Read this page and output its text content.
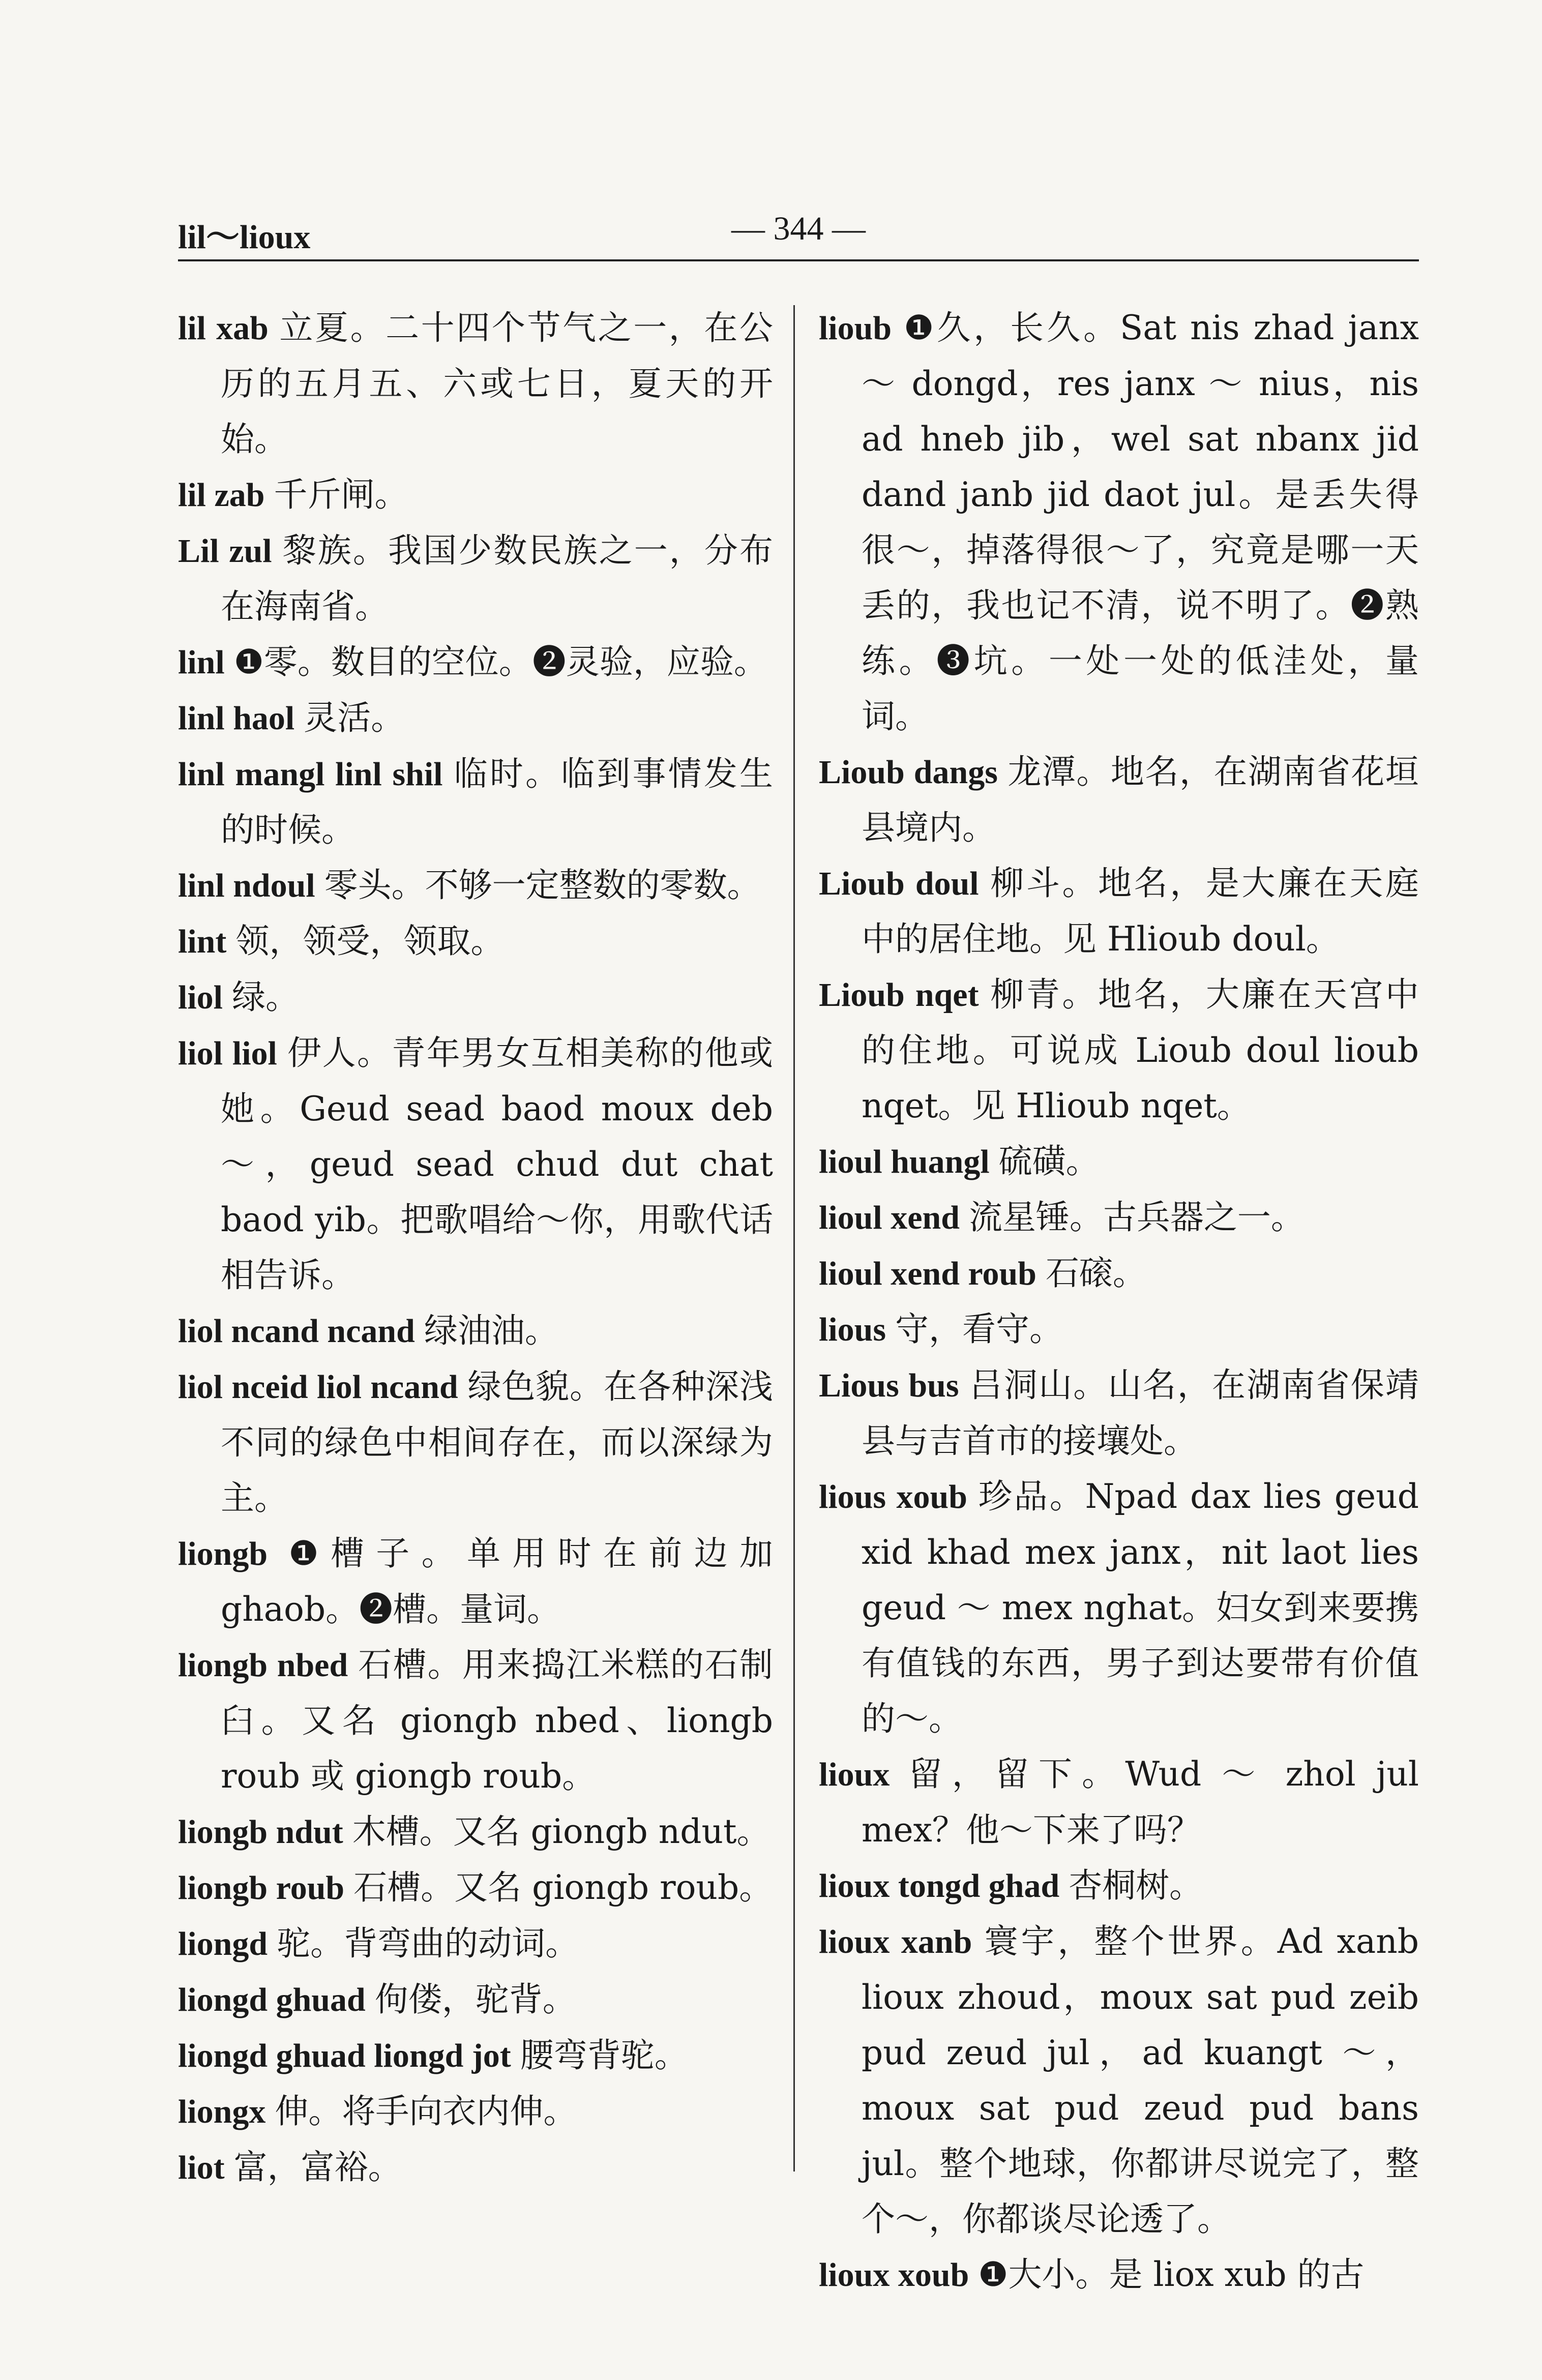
lil～lioux	— 344 —
lil xab 立夏。二十四个节气之一，在公历的五月五、六或七日，夏天的开始。
lil zab 千斤闸。
Lil zul 黎族。我国少数民族之一，分布在海南省。
linl ❶零。数目的空位。❷灵验，应验。
linl haol 灵活。
linl mangl linl shil 临时。临到事情发生的时候。
linl ndoul 零头。不够一定整数的零数。
lint 领，领受，领取。
liol 绿。
liol liol 伊人。青年男女互相美称的他或她。Geud sead baod moux deb ～，geud sead chud dut chat baod yib。把歌唱给～你，用歌代话相告诉。
liol ncand ncand 绿油油。
liol nceid liol ncand 绿色貌。在各种深浅不同的绿色中相间存在，而以深绿为主。
liongb ❶槽子。单用时在前边加ghaob。❷槽。量词。
liongb nbed 石槽。用来捣江米糕的石制臼。又名 giongb nbed、liongb roub 或 giongb roub。
liongb ndut 木槽。又名 giongb ndut。
liongb roub 石槽。又名 giongb roub。
liongd 驼。背弯曲的动词。
liongd ghuad 佝偻，驼背。
liongd ghuad liongd jot 腰弯背驼。
liongx 伸。将手向衣内伸。
liot 富，富裕。
lioub ❶久，长久。Sat nis zhad janx ～ dongd，res janx ～ nius，nis ad hneb jib，wel sat nbanx jid dand janb jid daot jul。是丢失得很～，掉落得很～了，究竟是哪一天丢的，我也记不清，说不明了。❷熟练。❸坑。一处一处的低洼处，量词。
Lioub dangs 龙潭。地名，在湖南省花垣县境内。
Lioub doul 柳斗。地名，是大廉在天庭中的居住地。见 Hlioub doul。
Lioub nqet 柳青。地名，大廉在天宫中的住地。可说成 Lioub doul lioub nqet。见 Hlioub nqet。
lioul huangl 硫磺。
lioul xend 流星锤。古兵器之一。
lioul xend roub 石磙。
lious 守，看守。
Lious bus 吕洞山。山名，在湖南省保靖县与吉首市的接壤处。
lious xoub 珍品。Npad dax lies geud xid khad mex janx，nit laot lies geud ～ mex nghat。妇女到来要携有值钱的东西，男子到达要带有价值的～。
lioux 留，留下。Wud ～ zhol jul mex？他～下来了吗？
lioux tongd ghad 杏桐树。
lioux xanb 寰宇，整个世界。Ad xanb lioux zhoud，moux sat pud zeib pud zeud jul，ad kuangt ～，moux sat pud zeud pud bans jul。整个地球，你都讲尽说完了，整个～，你都谈尽论透了。
lioux xoub ❶大小。是 liox xub 的古
